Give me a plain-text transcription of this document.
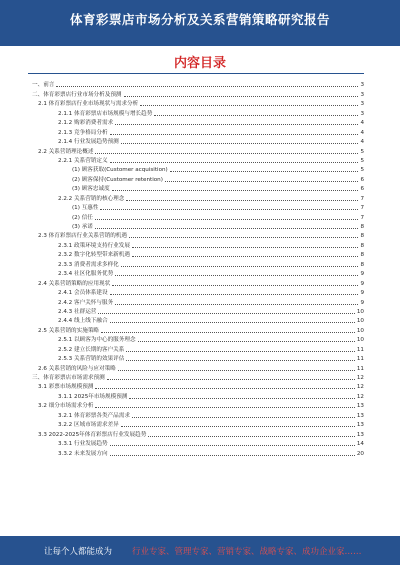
体育彩票店市场分析及关系营销策略研究报告
内容目录
一、前言	3
二、体育彩票店行业市场分析及预测	3
2.1 体育彩票店行业市场现状与需求分析	3
2.1.1 体育彩票店市场规模与增长趋势	3
2.1.2 购彩消费者需求	4
2.1.3 竞争格局分析	4
2.1.4 行业发展趋势预测	4
2.2 关系营销理论概述	5
2.2.1 关系营销定义	5
(1) 顾客获取(Customer acquisition)	5
(2) 顾客保持(Customer retention)	6
(3) 顾客忠诚度	6
2.2.2 关系营销的核心理念	7
(1) 互惠性	7
(2) 信任	7
(3) 承诺	8
2.3 体育彩票店行业关系营销的机遇	8
2.3.1 政策环境支持行业发展	8
2.3.2 数字化转型带来新机遇	8
2.3.3 消费者需求多样化	8
2.3.4 社区化服务优势	9
2.4 关系营销策略的应用现状	9
2.4.1 会员体系建设	9
2.4.2 客户关怀与服务	9
2.4.3 社群运营	10
2.4.4 线上线下融合	10
2.5 关系营销的实施策略	10
2.5.1 以顾客为中心的服务理念	10
2.5.2 建立长期的客户关系	11
2.5.3 关系营销的效果评估	11
2.6 关系营销的风险与应对策略	11
三、体育彩票店市场需求预测	12
3.1 彩票市场规模预测	12
3.1.1 2025年市场规模预测	12
3.2 细分市场需求分析	13
3.2.1 体育彩票各类产品需求	13
3.2.2 区域市场需求差异	13
3.3 2022-2025年体育彩票店行业发展趋势	13
3.3.1 行业发展趋势	14
3.3.2 未来发展方向	20
让每个人都能成为 行业专家、管理专家、营销专家、战略专家、成功企业家……
